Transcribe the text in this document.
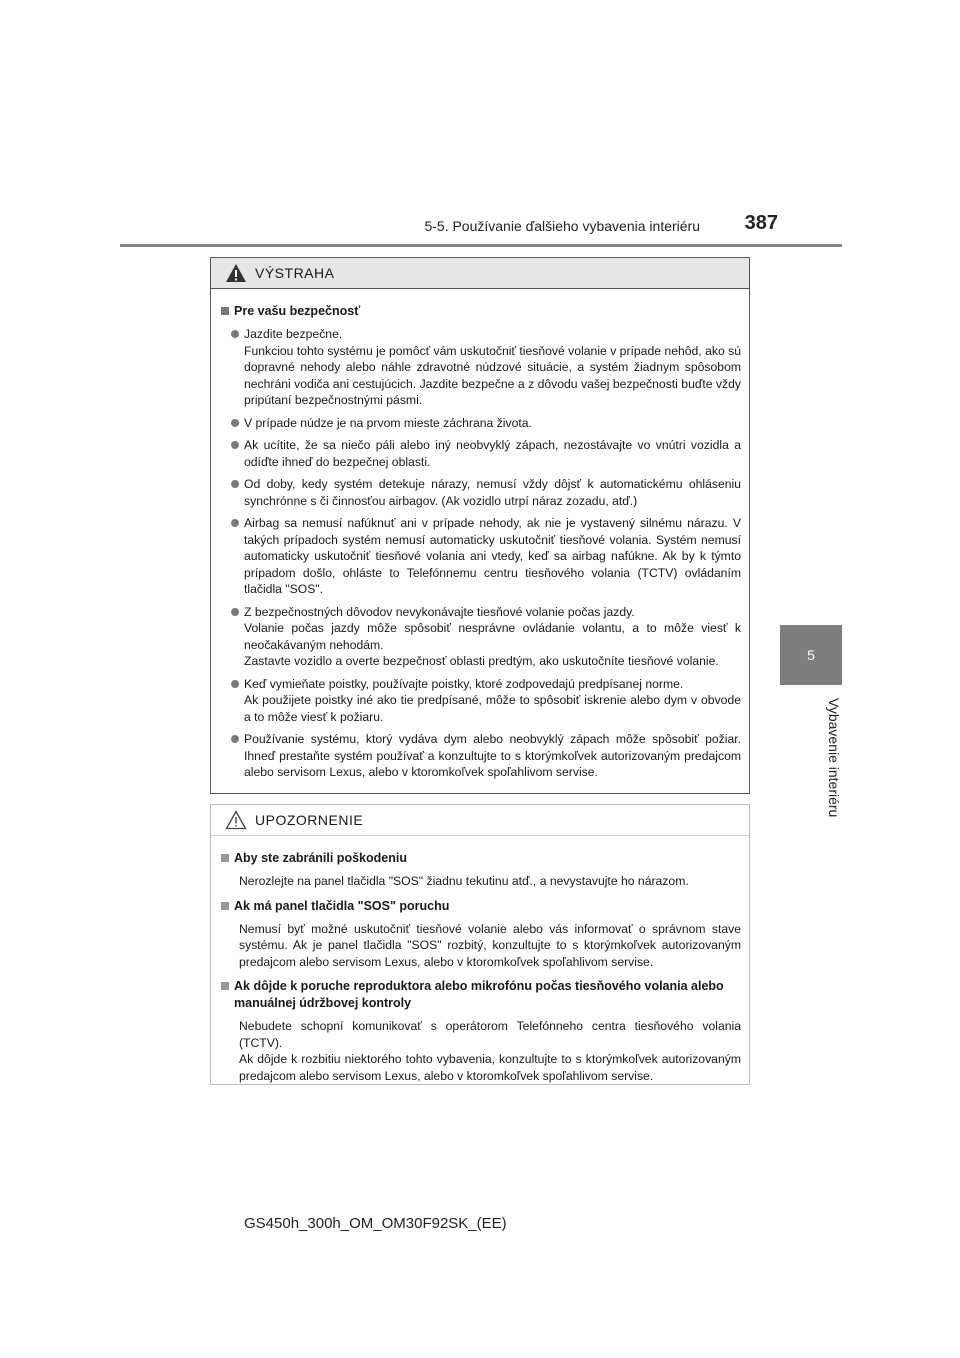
5-5. Používanie ďalšieho vybavenia interiéru	387
5
Vybavenie interiéru
VÝSTRAHA
Pre vašu bezpečnosť
Jazdite bezpečne.
Funkciou tohto systému je pomôcť vám uskutočniť tiesňové volanie v prípade nehôd, ako sú dopravné nehody alebo náhle zdravotné núdzové situácie, a systém žiadnym spôsobom nechráni vodiča ani cestujúcich. Jazdite bezpečne a z dôvodu vašej bezpečnosti buďte vždy pripútaní bezpečnostnými pásmi.
V prípade núdze je na prvom mieste záchrana života.
Ak ucítite, že sa niečo páli alebo iný neobvyklý zápach, nezostávajte vo vnútri vozidla a odíďte ihneď do bezpečnej oblasti.
Od doby, kedy systém detekuje nárazy, nemusí vždy dôjsť k automatickému ohláseniu synchrónne s či činnosťou airbagov. (Ak vozidlo utrpí náraz zozadu, atď.)
Airbag sa nemusí nafúknuť ani v prípade nehody, ak nie je vystavený silnému nárazu. V takých prípadoch systém nemusí automaticky uskutočniť tiesňové volania. Systém nemusí automaticky uskutočniť tiesňové volania ani vtedy, keď sa airbag nafúkne. Ak by k týmto prípadom došlo, ohláste to Telefónnemu centru tiesňového volania (TCTV) ovládaním tlačidla "SOS".
Z bezpečnostných dôvodov nevykonávajte tiesňové volanie počas jazdy.
Volanie počas jazdy môže spôsobiť nesprávne ovládanie volantu, a to môže viesť k neočakávaným nehodám.
Zastavte vozidlo a overte bezpečnosť oblasti predtým, ako uskutočníte tiesňové volanie.
Keď vymieňate poistky, používajte poistky, ktoré zodpovedajú predpísanej norme.
Ak použijete poistky iné ako tie predpísané, môže to spôsobiť iskrenie alebo dym v obvode a to môže viesť k požiaru.
Používanie systému, ktorý vydáva dym alebo neobvyklý zápach môže spôsobiť požiar. Ihneď prestaňte systém používať a konzultujte to s ktorýmkoľvek autorizovaným predajcom alebo servisom Lexus, alebo v ktoromkoľvek spoľahlivom servise.
UPOZORNENIE
Aby ste zabránili poškodeniu
Nerozlejte na panel tlačidla "SOS" žiadnu tekutinu atď., a nevystavujte ho nárazom.
Ak má panel tlačidla "SOS" poruchu
Nemusí byť možné uskutočniť tiesňové volanie alebo vás informovať o správnom stave systému. Ak je panel tlačidla "SOS" rozbitý, konzultujte to s ktorýmkoľvek autorizovaným predajcom alebo servisom Lexus, alebo v ktoromkoľvek spoľahlivom servise.
Ak dôjde k poruche reproduktora alebo mikrofónu počas tiesňového volania alebo manuálnej údržbovej kontroly
Nebudete schopní komunikovať s operátorom Telefónneho centra tiesňového volania (TCTV).
Ak dôjde k rozbitiu niektorého tohto vybavenia, konzultujte to s ktorýmkoľvek autorizovaným predajcom alebo servisom Lexus, alebo v ktoromkoľvek spoľahlivom servise.
GS450h_300h_OM_OM30F92SK_(EE)
